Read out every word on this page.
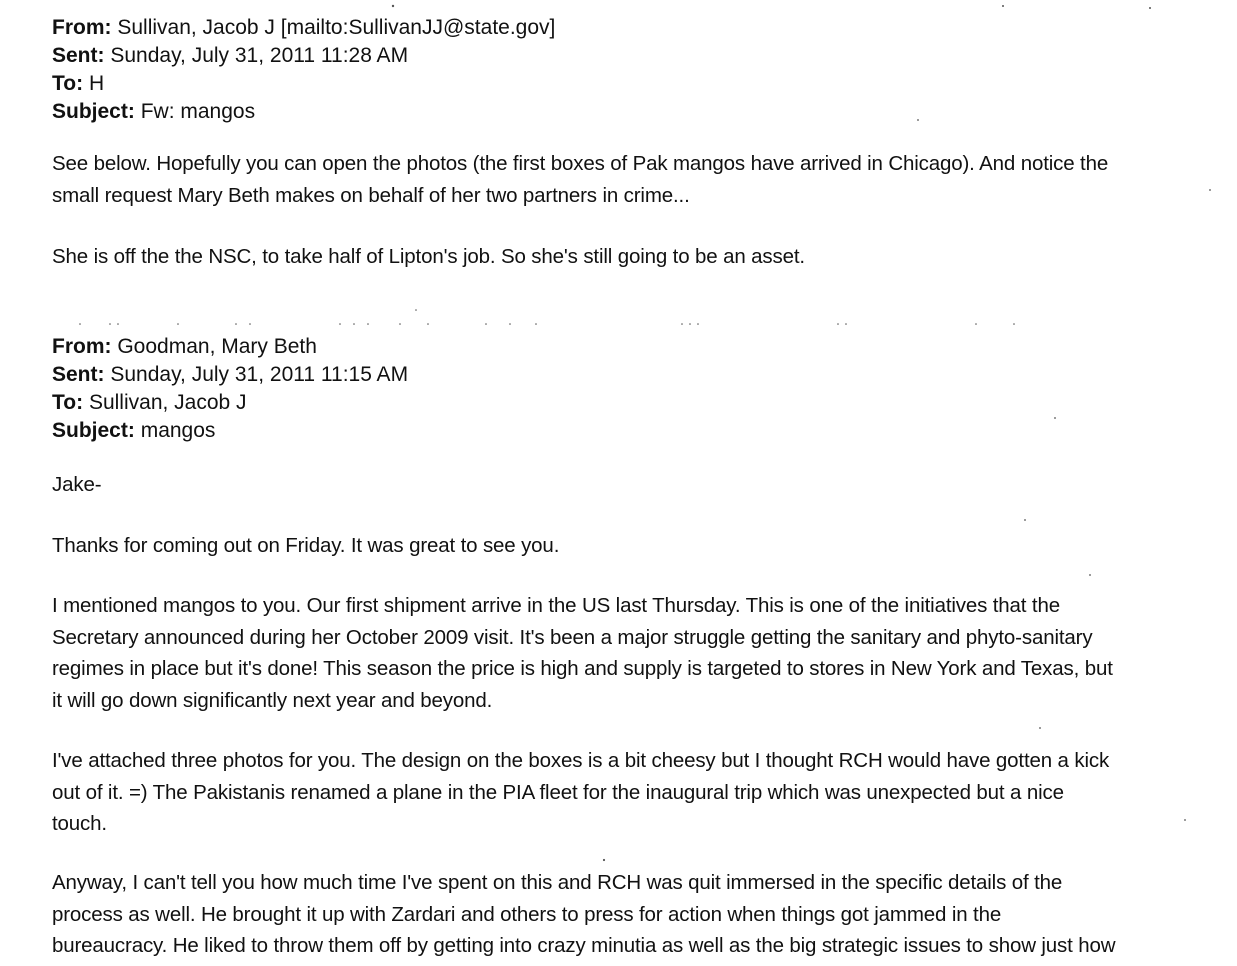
From: Sullivan, Jacob J [mailto:SullivanJJ@state.gov]
Sent: Sunday, July 31, 2011 11:28 AM
To: H
Subject: Fw: mangos
See below. Hopefully you can open the photos (the first boxes of Pak mangos have arrived in Chicago). And notice the
small request Mary Beth makes on behalf of her two partners in crime...
She is off the the NSC, to take half of Lipton's job. So she's still going to be an asset.
From: Goodman, Mary Beth
Sent: Sunday, July 31, 2011 11:15 AM
To: Sullivan, Jacob J
Subject: mangos
Jake-
Thanks for coming out on Friday. It was great to see you.
I mentioned mangos to you. Our first shipment arrive in the US last Thursday. This is one of the initiatives that the
Secretary announced during her October 2009 visit. It's been a major struggle getting the sanitary and phyto-sanitary
regimes in place but it's done! This season the price is high and supply is targeted to stores in New York and Texas, but
it will go down significantly next year and beyond.
I've attached three photos for you. The design on the boxes is a bit cheesy but I thought RCH would have gotten a kick
out of it. =) The Pakistanis renamed a plane in the PIA fleet for the inaugural trip which was unexpected but a nice
touch.
Anyway, I can't tell you how much time I've spent on this and RCH was quit immersed in the specific details of the
process as well. He brought it up with Zardari and others to press for action when things got jammed in the
bureaucracy. He liked to throw them off by getting into crazy minutia as well as the big strategic issues to show just how
